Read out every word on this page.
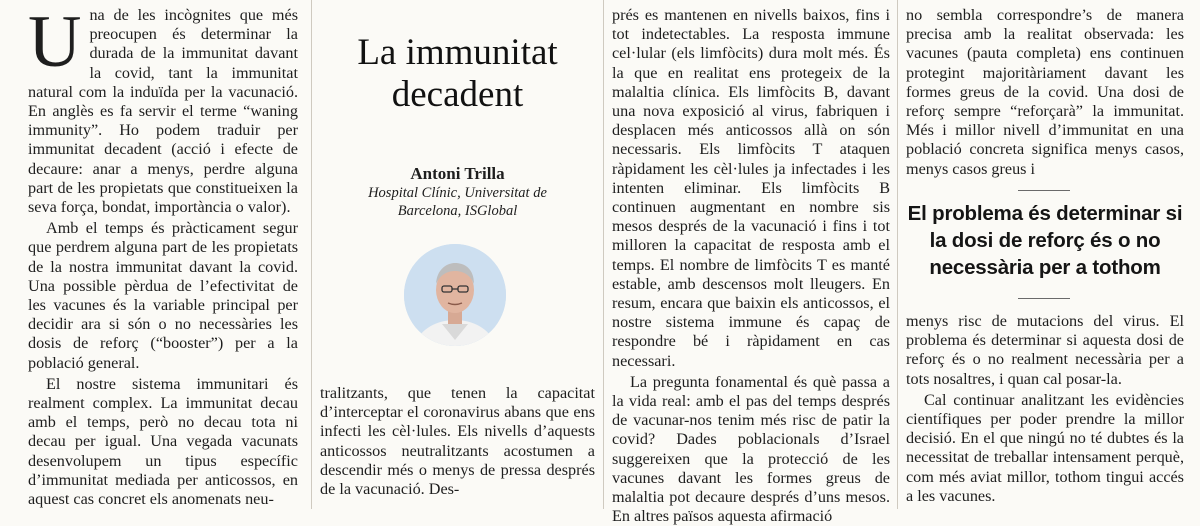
Una de les incògnites que més preocupen és determinar la durada de la immunitat davant la covid, tant la immunitat natural com la induïda per la vacunació. En anglès es fa servir el terme “waning immunity”. Ho podem traduir per immunitat decadent (acció i efecte de decaure: anar a menys, perdre alguna part de les propietats que constitueixen la seva força, bondat, importància o valor).

Amb el temps és pràcticament segur que perdrem alguna part de les propietats de la nostra immunitat davant la covid. Una possible pèrdua de l’efectivitat de les vacunes és la variable principal per decidir ara si són o no necessàries les dosis de reforç (“booster”) per a la població general.

El nostre sistema immunitari és realment complex. La immunitat decau amb el temps, però no decau tota ni decau per igual. Una vegada vacunats desenvolupem un tipus específic d’immunitat mediada per anticossos, en aquest cas concret els anomenats neu-

La immunitat
decadent
Antoni Trilla
Hospital Clínic, Universitat de
Barcelona, ISGlobal

tralitzants, que tenen la capacitat d’interceptar el coronavirus abans que ens infecti les cèl·lules. Els nivells d’aquests anticossos neutralitzants acostumen a descendir més o menys de pressa després de la vacunació. Des-

prés es mantenen en nivells baixos, fins i tot indetectables. La resposta immune cel·lular (els limfòcits) dura molt més. És la que en realitat ens protegeix de la malaltia clínica. Els limfòcits B, davant una nova exposició al virus, fabriquen i desplacen més anticossos allà on són necessaris. Els limfòcits T ataquen ràpidament les cèl·lules ja infectades i les intenten eliminar. Els limfòcits B continuen augmentant en nombre sis mesos després de la vacunació i fins i tot milloren la capacitat de resposta amb el temps. El nombre de limfòcits T es manté estable, amb descensos molt lleugers. En resum, encara que baixin els anticossos, el nostre sistema immune és capaç de respondre bé i ràpidament en cas necessari.

La pregunta fonamental és què passa a la vida real: amb el pas del temps després de vacunar-nos tenim més risc de patir la covid? Dades poblacionals d’Israel suggereixen que la protecció de les vacunes davant les formes greus de malaltia pot decaure després d’uns mesos. En altres països aquesta afirmació

no sembla correspondre’s de manera precisa amb la realitat observada: les vacunes (pauta completa) ens continuen protegint majoritàriament davant les formes greus de la covid. Una dosi de reforç sempre “reforçarà” la immunitat. Més i millor nivell d’immunitat en una població concreta significa menys casos, menys casos greus i

El problema és determinar si la dosi de reforç és o no necessària per a tothom

menys risc de mutacions del virus. El problema és determinar si aquesta dosi de reforç és o no realment necessària per a tots nosaltres, i quan cal posar-la.

Cal continuar analitzant les evidències científiques per poder prendre la millor decisió. En el que ningú no té dubtes és la necessitat de treballar intensament perquè, com més aviat millor, tothom tingui accés a les vacunes.
